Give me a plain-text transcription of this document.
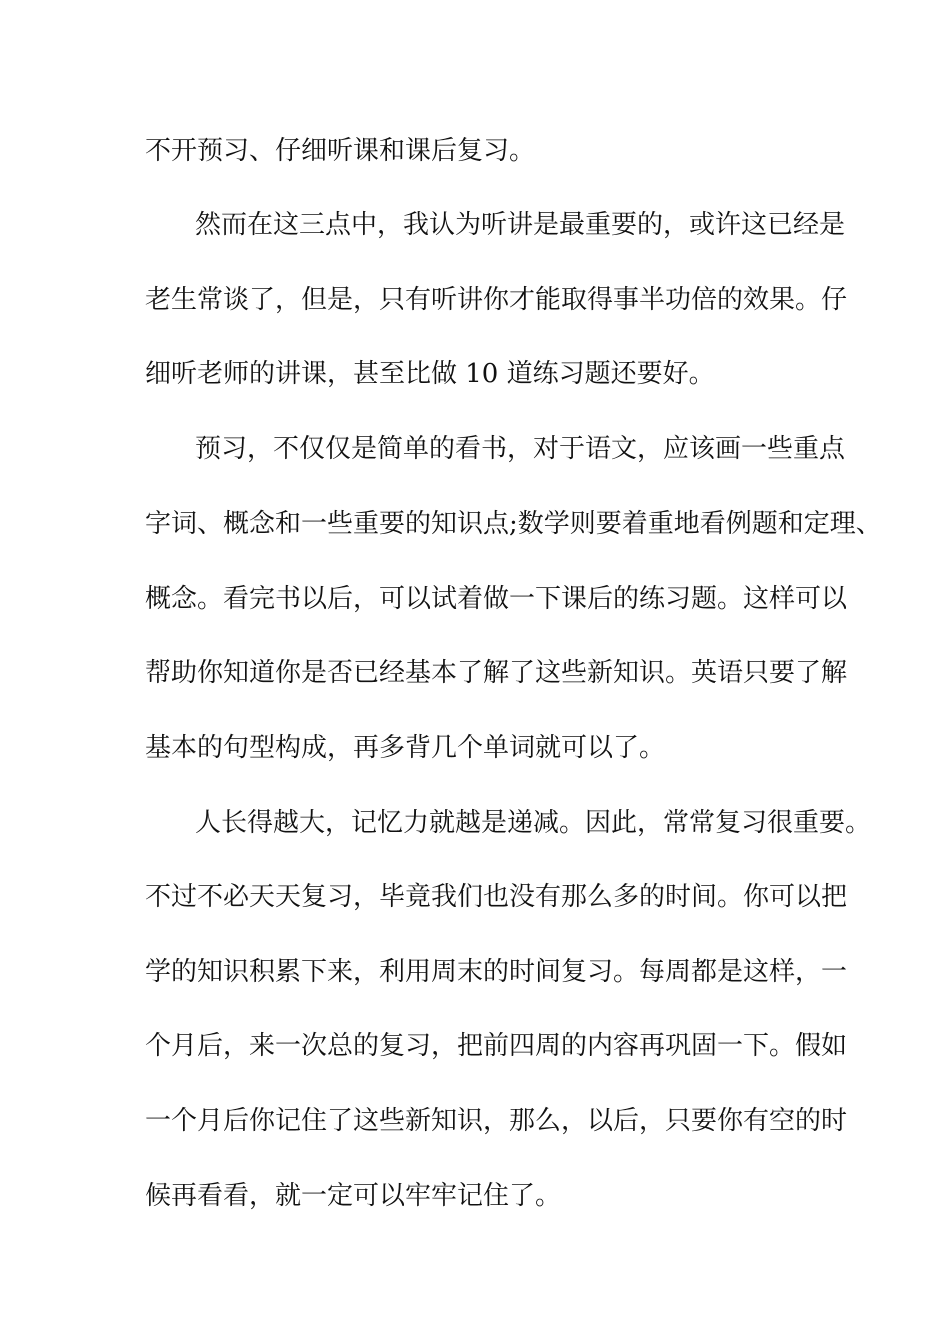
不开预习、仔细听课和课后复习。
然而在这三点中，我认为听讲是最重要的，或许这已经是
老生常谈了，但是，只有听讲你才能取得事半功倍的效果。仔
细听老师的讲课，甚至比做 10 道练习题还要好。
预习，不仅仅是简单的看书，对于语文，应该画一些重点
字词、概念和一些重要的知识点;数学则要着重地看例题和定理、
概念。看完书以后，可以试着做一下课后的练习题。这样可以
帮助你知道你是否已经基本了解了这些新知识。英语只要了解
基本的句型构成，再多背几个单词就可以了。
人长得越大，记忆力就越是递减。因此，常常复习很重要。
不过不必天天复习，毕竟我们也没有那么多的时间。你可以把
学的知识积累下来，利用周末的时间复习。每周都是这样，一
个月后，来一次总的复习，把前四周的内容再巩固一下。假如
一个月后你记住了这些新知识，那么，以后，只要你有空的时
候再看看，就一定可以牢牢记住了。
